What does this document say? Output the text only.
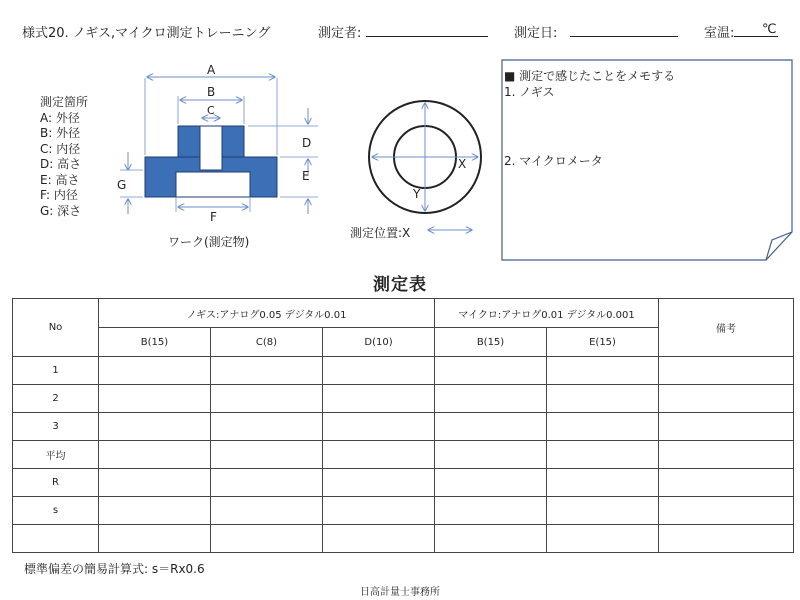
様式20. ノギス,マイクロ測定トレーニング	測定者:	測定日:	室温: ℃
測定箇所
A: 外径
B: 外径
C: 内径
D: 高さ
E: 高さ
F: 内径
G: 深さ
A
B
C
D
E
F
G
X
Y
ワーク(測定物)
測定位置:X
■ 測定で感じたことをメモする
1. ノギス
2. マイクロメータ
測定表
No	ノギス:アナログ0.05 デジタル0.01			マイクロ:アナログ0.01 デジタル0.001		備考
	B(15)	C(8)	D(10)	B(15)	E(15)	
1						
2						
3						
平均						
R						
s						

標準偏差の簡易計算式: s＝Rx0.6
日高計量士事務所
